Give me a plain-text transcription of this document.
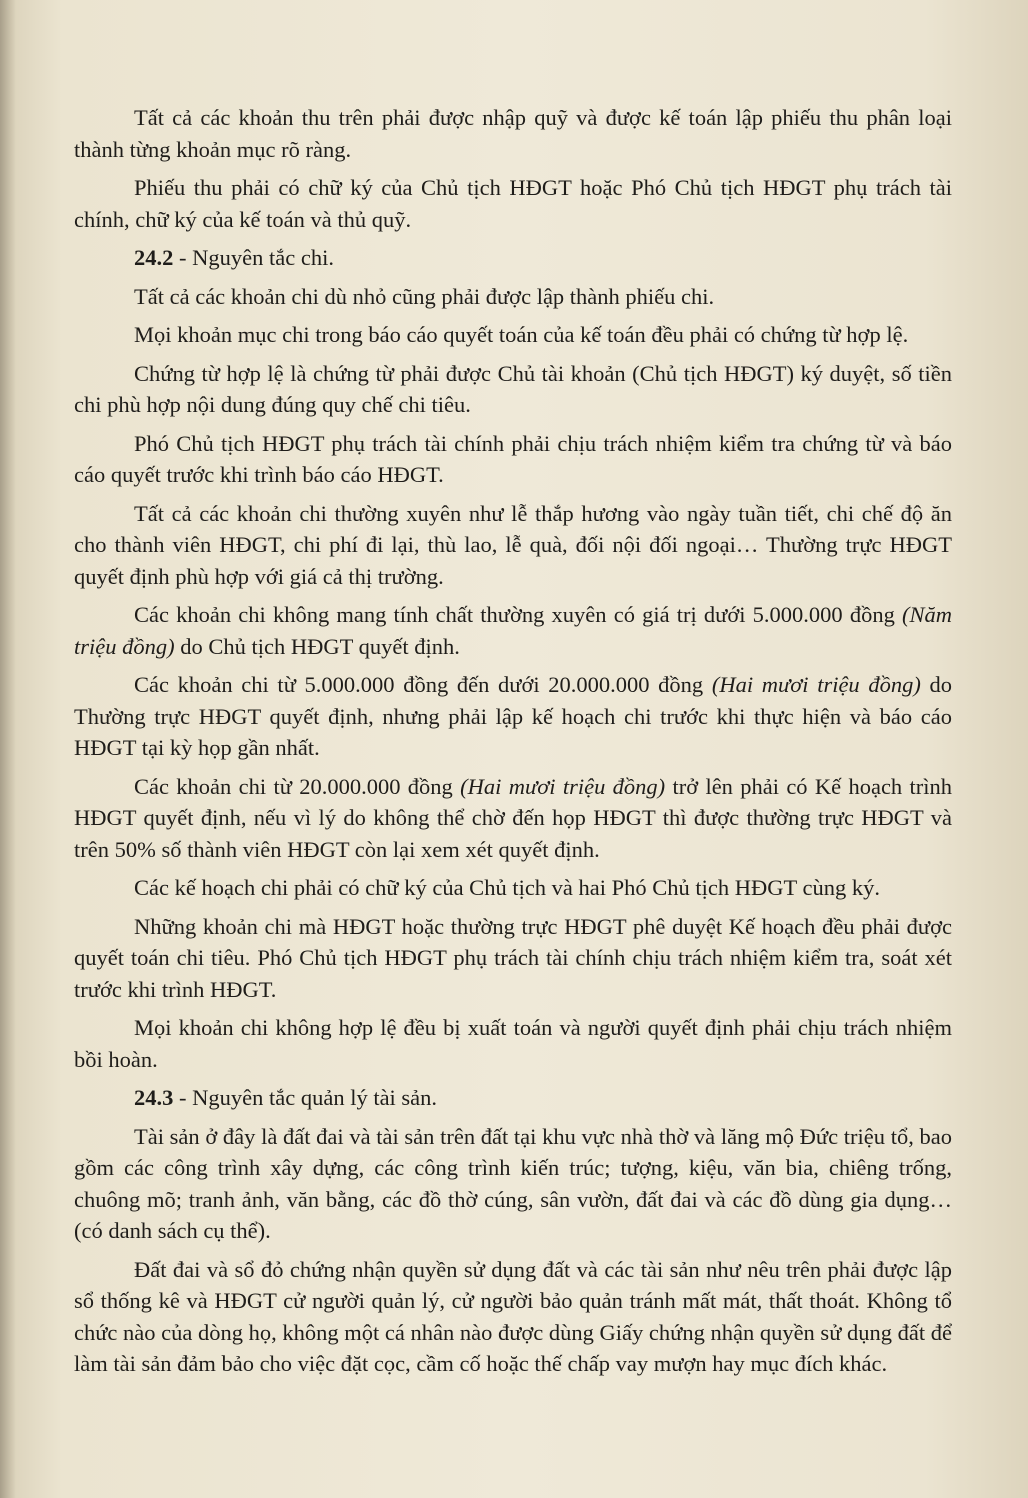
Tất cả các khoản thu trên phải được nhập quỹ và được kế toán lập phiếu thu phân loại thành từng khoản mục rõ ràng.

Phiếu thu phải có chữ ký của Chủ tịch HĐGT hoặc Phó Chủ tịch HĐGT phụ trách tài chính, chữ ký của kế toán và thủ quỹ.

24.2 - Nguyên tắc chi.

Tất cả các khoản chi dù nhỏ cũng phải được lập thành phiếu chi.

Mọi khoản mục chi trong báo cáo quyết toán của kế toán đều phải có chứng từ hợp lệ.

Chứng từ hợp lệ là chứng từ phải được Chủ tài khoản (Chủ tịch HĐGT) ký duyệt, số tiền chi phù hợp nội dung đúng quy chế chi tiêu.

Phó Chủ tịch HĐGT phụ trách tài chính phải chịu trách nhiệm kiểm tra chứng từ và báo cáo quyết trước khi trình báo cáo HĐGT.

Tất cả các khoản chi thường xuyên như lễ thắp hương vào ngày tuần tiết, chi chế độ ăn cho thành viên HĐGT, chi phí đi lại, thù lao, lễ quà, đối nội đối ngoại… Thường trực HĐGT quyết định phù hợp với giá cả thị trường.

Các khoản chi không mang tính chất thường xuyên có giá trị dưới 5.000.000 đồng (Năm triệu đồng) do Chủ tịch HĐGT quyết định.

Các khoản chi từ 5.000.000 đồng đến dưới 20.000.000 đồng (Hai mươi triệu đồng) do Thường trực HĐGT quyết định, nhưng phải lập kế hoạch chi trước khi thực hiện và báo cáo HĐGT tại kỳ họp gần nhất.

Các khoản chi từ 20.000.000 đồng (Hai mươi triệu đồng) trở lên phải có Kế hoạch trình HĐGT quyết định, nếu vì lý do không thể chờ đến họp HĐGT thì được thường trực HĐGT và trên 50% số thành viên HĐGT còn lại xem xét quyết định.

Các kế hoạch chi phải có chữ ký của Chủ tịch và hai Phó Chủ tịch HĐGT cùng ký.

Những khoản chi mà HĐGT hoặc thường trực HĐGT phê duyệt Kế hoạch đều phải được quyết toán chi tiêu. Phó Chủ tịch HĐGT phụ trách tài chính chịu trách nhiệm kiểm tra, soát xét trước khi trình HĐGT.

Mọi khoản chi không hợp lệ đều bị xuất toán và người quyết định phải chịu trách nhiệm bồi hoàn.

24.3 - Nguyên tắc quản lý tài sản.

Tài sản ở đây là đất đai và tài sản trên đất tại khu vực nhà thờ và lăng mộ Đức triệu tổ, bao gồm các công trình xây dựng, các công trình kiến trúc; tượng, kiệu, văn bia, chiêng trống, chuông mõ; tranh ảnh, văn bằng, các đồ thờ cúng, sân vườn, đất đai và các đồ dùng gia dụng… (có danh sách cụ thể).

Đất đai và sổ đỏ chứng nhận quyền sử dụng đất và các tài sản như nêu trên phải được lập sổ thống kê và HĐGT cử người quản lý, cử người bảo quản tránh mất mát, thất thoát. Không tổ chức nào của dòng họ, không một cá nhân nào được dùng Giấy chứng nhận quyền sử dụng đất để làm tài sản đảm bảo cho việc đặt cọc, cầm cố hoặc thế chấp vay mượn hay mục đích khác.
